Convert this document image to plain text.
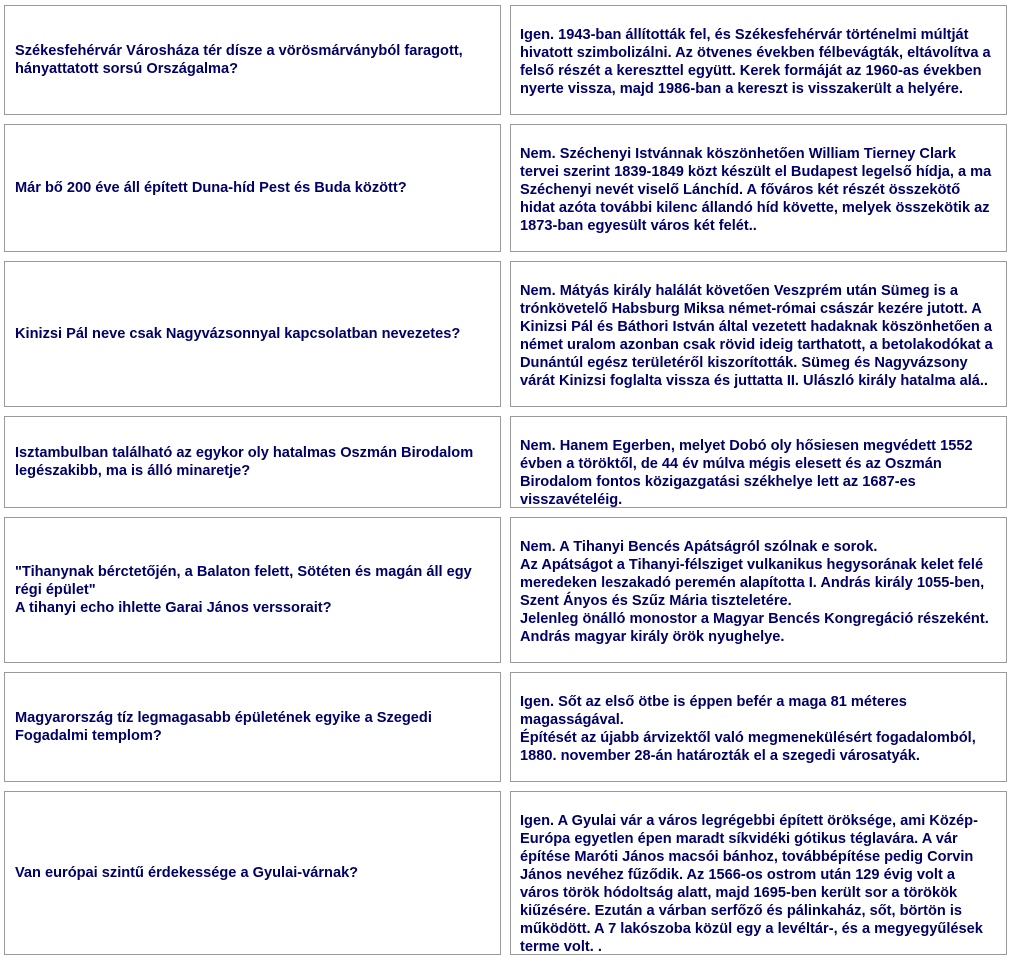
Székesfehérvár Városháza tér dísze a vörösmárványból faragott, hányattatott sorsú Országalma?

Igen. 1943-ban állították fel, és Székesfehérvár történelmi múltját hivatott szimbolizálni. Az ötvenes években félbevágták, eltávolítva a felső részét a kereszttel együtt. Kerek formáját az 1960-as években nyerte vissza, majd 1986-ban a kereszt is visszakerült a helyére.

Már bő 200 éve áll épített Duna-híd Pest és Buda között?

Nem. Széchenyi Istvánnak köszönhetően William Tierney Clark tervei szerint 1839-1849 közt készült el Budapest legelső hídja, a ma Széchenyi nevét viselő Lánchíd. A főváros két részét összekötő hidat azóta további kilenc állandó híd követte, melyek összekötik az 1873-ban egyesült város két felét..

Kinizsi Pál neve csak Nagyvázsonnyal kapcsolatban nevezetes?

Nem. Mátyás király halálát követően Veszprém után Sümeg is a trónkövetelő Habsburg Miksa német-római császár kezére jutott. A Kinizsi Pál és Báthori István által vezetett hadaknak köszönhetően a német uralom azonban csak rövid ideig tarthatott, a betolakodókat a Dunántúl egész területéről kiszorították. Sümeg és Nagyvázsony várát Kinizsi foglalta vissza és juttatta II. Ulászló király hatalma alá..

Isztambulban található az egykor oly hatalmas Oszmán Birodalom legészakibb, ma is álló minaretje?

Nem. Hanem Egerben, melyet Dobó oly hősiesen megvédett 1552 évben a töröktől, de 44 év múlva mégis elesett és az Oszmán Birodalom fontos közigazgatási székhelye lett az 1687-es visszavételéig.

"Tihanynak bérctetőjén, a Balaton felett, Sötéten és magán áll egy régi épület"
A tihanyi echo ihlette Garai János verssorait?

Nem. A Tihanyi Bencés Apátságról szólnak e sorok.
Az Apátságot a Tihanyi-félsziget vulkanikus hegysorának kelet felé meredeken leszakadó peremén alapította I. András király 1055-ben, Szent Ányos és Szűz Mária tiszteletére.
Jelenleg önálló monostor a Magyar Bencés Kongregáció részeként.
András magyar király örök nyughelye.

Magyarország tíz legmagasabb épületének egyike a Szegedi Fogadalmi templom?

Igen. Sőt az első ötbe is éppen befér a maga 81 méteres magasságával.
Építését az újabb árvizektől való megmenekülésért fogadalomból, 1880. november 28-án határozták el a szegedi városatyák.

Van európai szintű érdekessége a Gyulai-várnak?

Igen. A Gyulai vár a város legrégebbi épített öröksége, ami Közép-Európa egyetlen épen maradt síkvidéki gótikus téglavára. A vár építése Maróti János macsói bánhoz, továbbépítése pedig Corvin János nevéhez fűződik. Az 1566-os ostrom után 129 évig volt a város török hódoltság alatt, majd 1695-ben került sor a törökök kiűzésére. Ezután a várban serfőző és pálinkaház, sőt, börtön is működött. A 7 lakószoba közül egy a levéltár-, és a megyegyűlések terme volt. .
